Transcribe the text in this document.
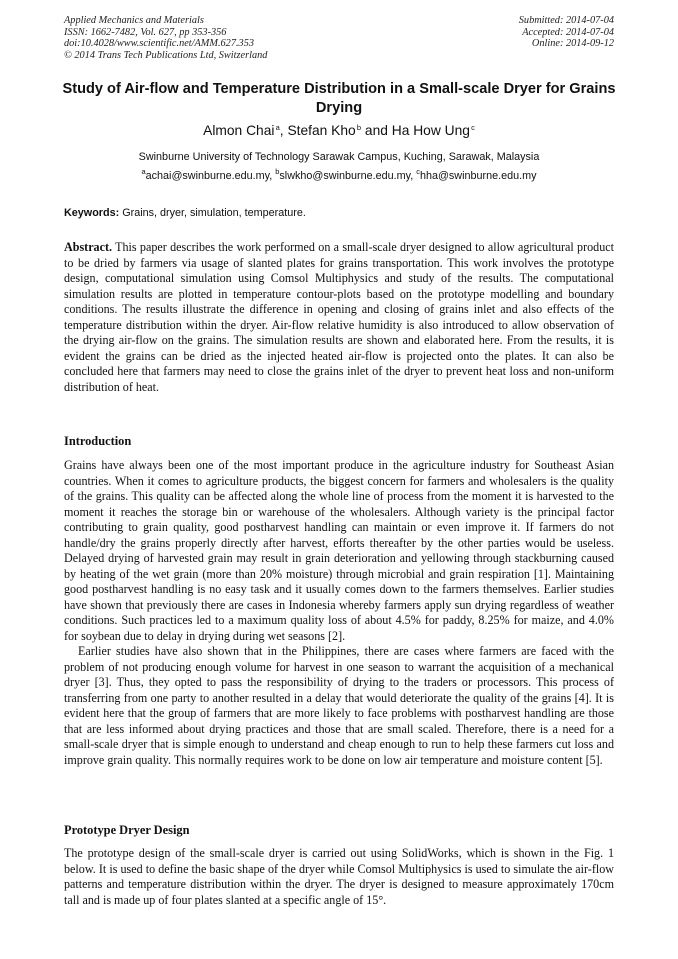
Applied Mechanics and Materials
ISSN: 1662-7482, Vol. 627, pp 353-356
doi:10.4028/www.scientific.net/AMM.627.353
© 2014 Trans Tech Publications Ltd, Switzerland
Submitted: 2014-07-04
Accepted: 2014-07-04
Online: 2014-09-12
Study of Air-flow and Temperature Distribution in a Small-scale Dryer for Grains Drying
Almon Chai $^a$, Stefan Kho $^b$ and Ha How Ung $^c$
Swinburne University of Technology Sarawak Campus, Kuching, Sarawak, Malaysia
$^a$achai@swinburne.edu.my, $^b$slwkho@swinburne.edu.my, $^c$hha@swinburne.edu.my
Keywords: Grains, dryer, simulation, temperature.

Abstract. This paper describes the work performed on a small-scale dryer designed to allow agricultural product to be dried by farmers via usage of slanted plates for grains transportation. This work involves the prototype design, computational simulation using Comsol Multiphysics and study of the results. The computational simulation results are plotted in temperature contour-plots based on the prototype modelling and boundary conditions. The results illustrate the difference in opening and closing of grains inlet and also effects of the temperature distribution within the dryer. Air-flow relative humidity is also introduced to allow observation of the drying air-flow on the grains. The simulation results are shown and elaborated here. From the results, it is evident the grains can be dried as the injected heated air-flow is projected onto the plates. It can also be concluded here that farmers may need to close the grains inlet of the dryer to prevent heat loss and non-uniform distribution of heat.

Introduction

Grains have always been one of the most important produce in the agriculture industry for Southeast Asian countries. When it comes to agriculture products, the biggest concern for farmers and wholesalers is the quality of the grains. This quality can be affected along the whole line of process from the moment it is harvested to the moment it reaches the storage bin or warehouse of the wholesalers. Although variety is the principal factor contributing to grain quality, good postharvest handling can maintain or even improve it. If farmers do not handle/dry the grains properly directly after harvest, efforts thereafter by the other parties would be useless. Delayed drying of harvested grain may result in grain deterioration and yellowing through stackburning caused by heating of the wet grain (more than 20% moisture) through microbial and grain respiration [1]. Maintaining good postharvest handling is no easy task and it usually comes down to the farmers themselves. Earlier studies have shown that previously there are cases in Indonesia whereby farmers apply sun drying regardless of weather conditions. Such practices led to a maximum quality loss of about 4.5% for paddy, 8.25% for maize, and 4.0% for soybean due to delay in drying during wet seasons [2].

Earlier studies have also shown that in the Philippines, there are cases where farmers are faced with the problem of not producing enough volume for harvest in one season to warrant the acquisition of a mechanical dryer [3]. Thus, they opted to pass the responsibility of drying to the traders or processors. This process of transferring from one party to another resulted in a delay that would deteriorate the quality of the grains [4]. It is evident here that the group of farmers that are more likely to face problems with postharvest handling are those that are less informed about drying practices and those that are small scaled. Therefore, there is a need for a small-scale dryer that is simple enough to understand and cheap enough to run to help these farmers cut loss and improve grain quality. This normally requires work to be done on low air temperature and moisture content [5].

Prototype Dryer Design

The prototype design of the small-scale dryer is carried out using SolidWorks, which is shown in the Fig. 1 below. It is used to define the basic shape of the dryer while Comsol Multiphysics is used to simulate the air-flow patterns and temperature distribution within the dryer. The dryer is designed to measure approximately 170cm tall and is made up of four plates slanted at a specific angle of 15°.
